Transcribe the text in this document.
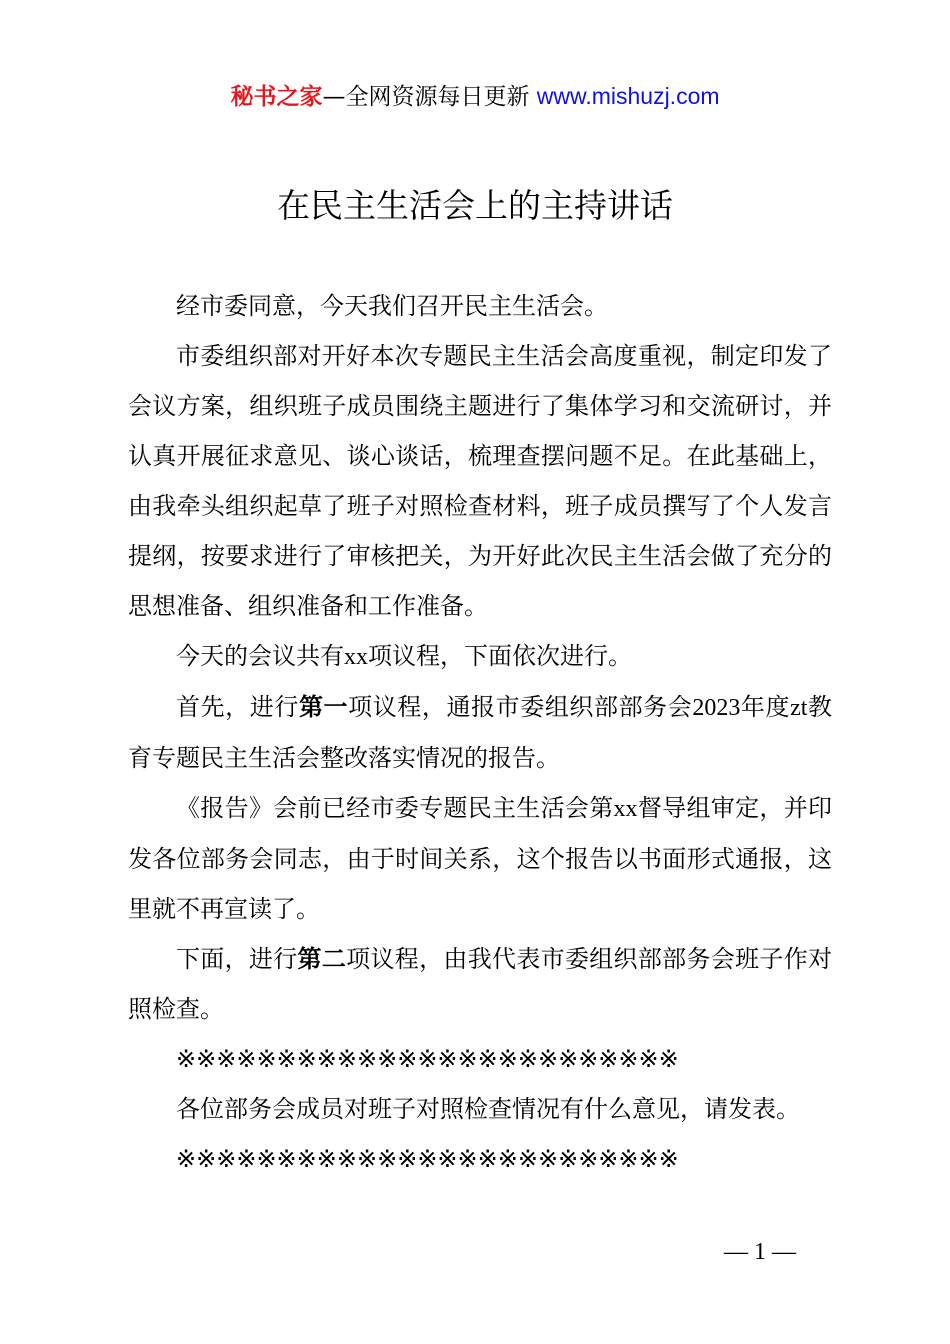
秘书之家—全网资源每日更新 www.mishuzj.com
在民主生活会上的主持讲话

经市委同意，今天我们召开民主生活会。

市委组织部对开好本次专题民主生活会高度重视，制定印发了会议方案，组织班子成员围绕主题进行了集体学习和交流研讨，并认真开展征求意见、谈心谈话，梳理查摆问题不足。在此基础上，由我牵头组织起草了班子对照检查材料，班子成员撰写了个人发言提纲，按要求进行了审核把关，为开好此次民主生活会做了充分的思想准备、组织准备和工作准备。

今天的会议共有xx项议程，下面依次进行。

首先，进行第一项议程，通报市委组织部部务会2023年度zt教育专题民主生活会整改落实情况的报告。

《报告》会前已经市委专题民主生活会第xx督导组审定，并印发各位部务会同志，由于时间关系，这个报告以书面形式通报，这里就不再宣读了。

下面，进行第二项议程，由我代表市委组织部部务会班子作对照检查。

※※※※※※※※※※※※※※※※※※※※※※※※※

各位部务会成员对班子对照检查情况有什么意见，请发表。

※※※※※※※※※※※※※※※※※※※※※※※※※

— 1 —
